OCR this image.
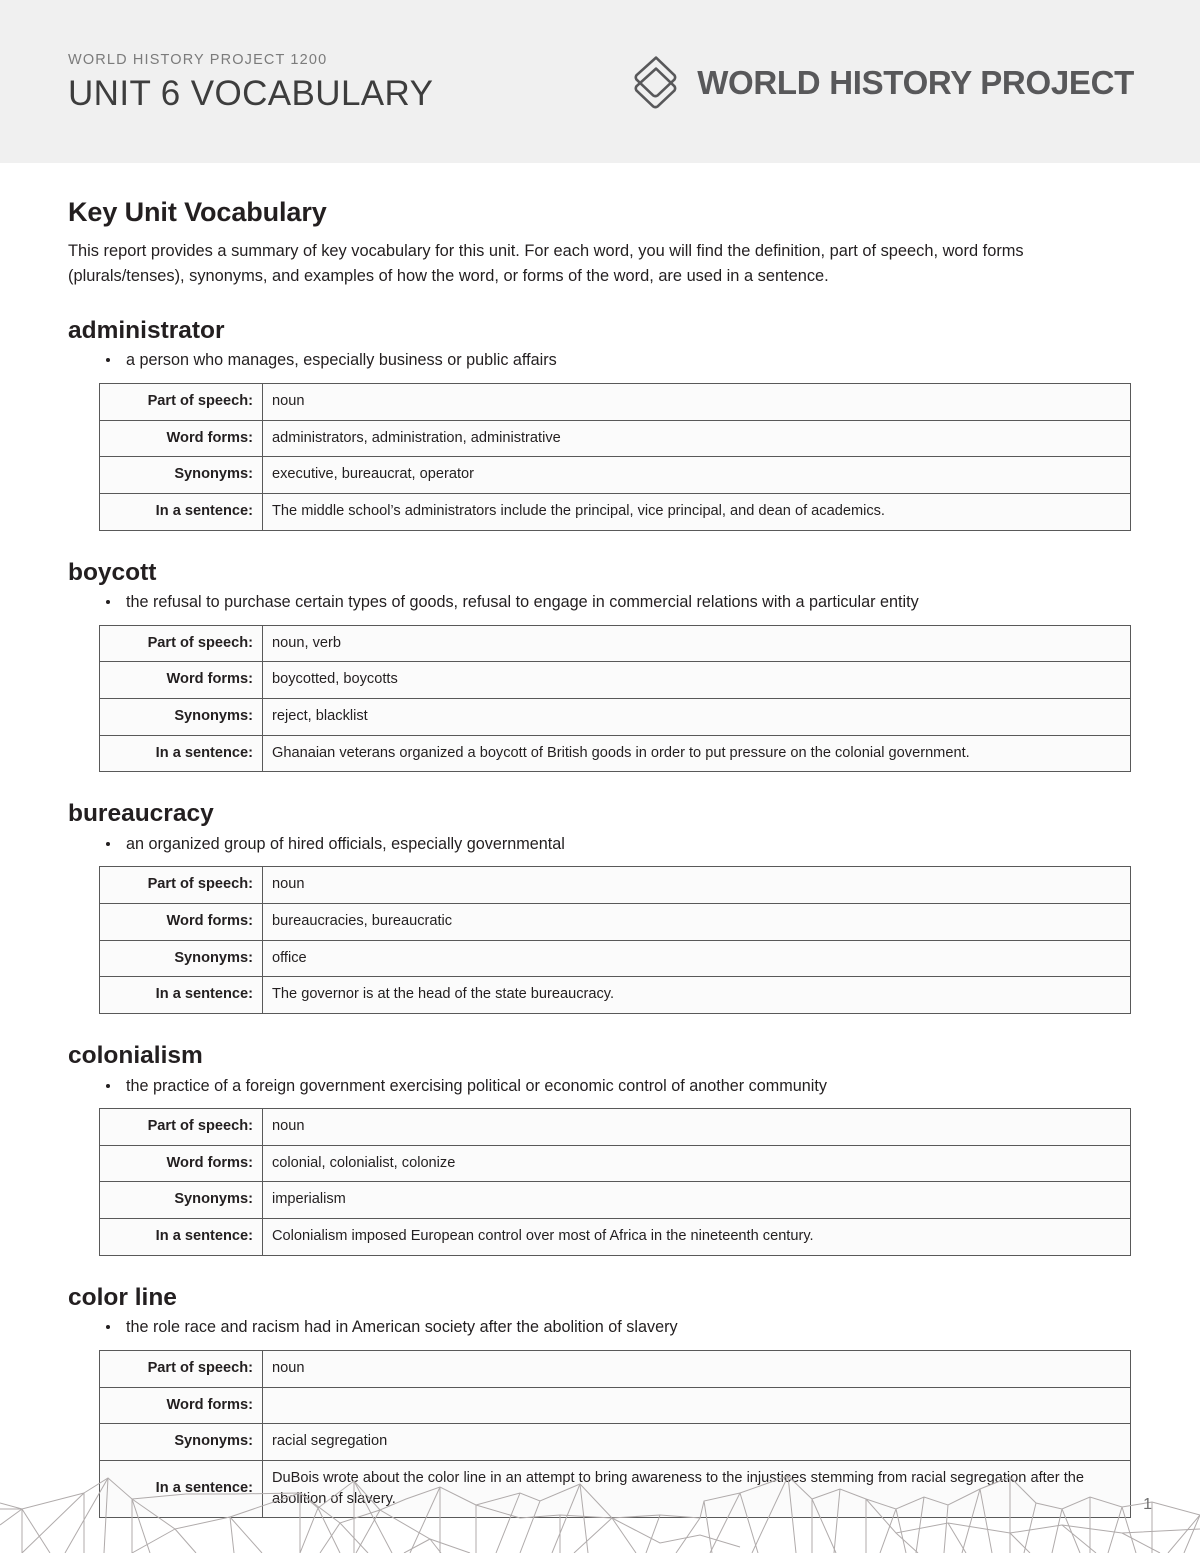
WORLD HISTORY PROJECT 1200
UNIT 6 VOCABULARY	WORLD HISTORY PROJECT
Key Unit Vocabulary

This report provides a summary of key vocabulary for this unit. For each word, you will find the definition, part of speech, word forms (plurals/tenses), synonyms, and examples of how the word, or forms of the word, are used in a sentence.

administrator
a person who manages, especially business or public affairs
Part of speech:	noun
Word forms:	administrators, administration, administrative
Synonyms:	executive, bureaucrat, operator
In a sentence:	The middle school’s administrators include the principal, vice principal, and dean of academics.
boycott
the refusal to purchase certain types of goods, refusal to engage in commercial relations with a particular entity
Part of speech:	noun, verb
Word forms:	boycotted, boycotts
Synonyms:	reject, blacklist
In a sentence:	Ghanaian veterans organized a boycott of British goods in order to put pressure on the colonial government.
bureaucracy
an organized group of hired officials, especially governmental
Part of speech:	noun
Word forms:	bureaucracies, bureaucratic
Synonyms:	office
In a sentence:	The governor is at the head of the state bureaucracy.
colonialism
the practice of a foreign government exercising political or economic control of another community
Part of speech:	noun
Word forms:	colonial, colonialist, colonize
Synonyms:	imperialism
In a sentence:	Colonialism imposed European control over most of Africa in the nineteenth century.
color line
the role race and racism had in American society after the abolition of slavery
Part of speech:	noun
Word forms:	
Synonyms:	racial segregation
In a sentence:	DuBois wrote about the color line in an attempt to bring awareness to the injustices stemming from racial segregation after the abolition of slavery.	1
